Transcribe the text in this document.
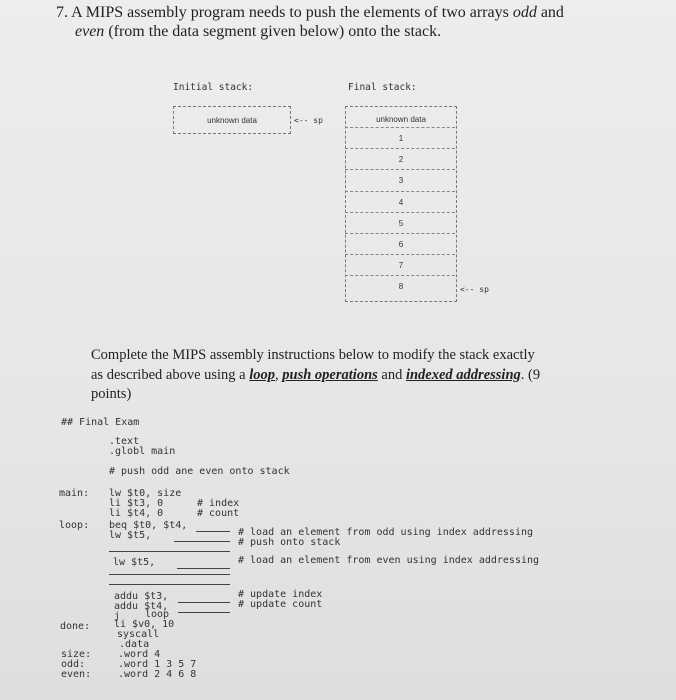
7. A MIPS assembly program needs to push the elements of two arrays odd and
even (from the data segment given below) onto the stack.
Initial stack:	Final stack:
unknown data	<-- sp	unknown data
1
2
3
4
5
6
7
8	<-- sp
Complete the MIPS assembly instructions below to modify the stack exactly
as described above using a loop, push operations and indexed addressing. (9
points)
## Final Exam
.text
.globl main
# push odd ane even onto stack
main: lw $t0, size
li $t3, 0	# index
li $t4, 0	# count
loop: beq $t0, $t4,
lw $t5,	# load an element from odd using index addressing
# push onto stack
lw $t5,	# load an element from even using index addressing
addu $t3,	# update index
addu $t4,	# update count
j loop
done: li $v0, 10
syscall
.data
size:	.word 4
odd:	.word 1 3 5 7
even:	.word 2 4 6 8
